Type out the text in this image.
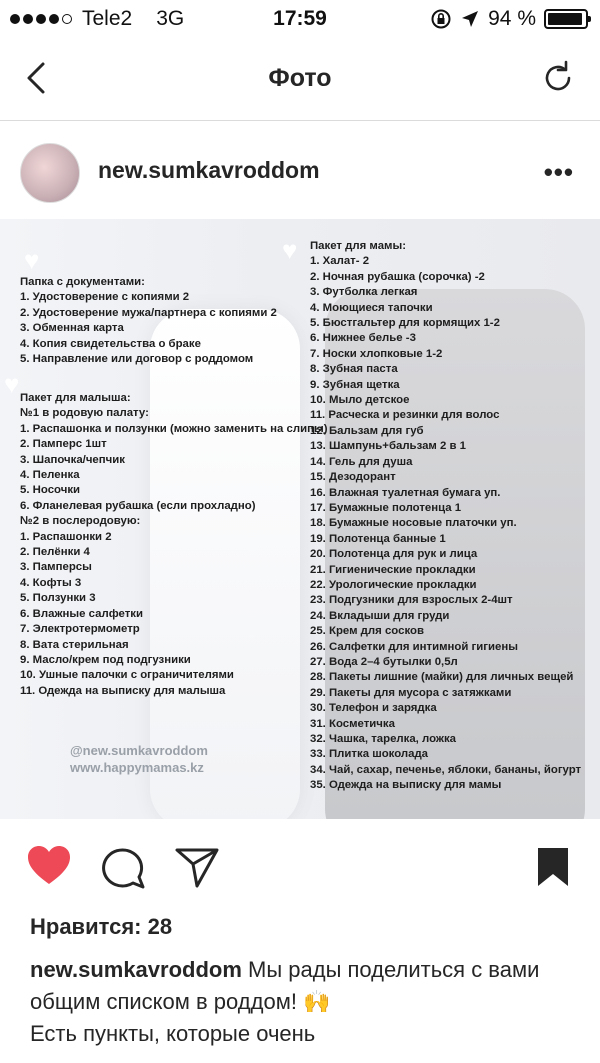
Tele2 3G	17:59	94 %
Фото
new.sumkavroddom	•••
♥
♥
♥
Папка с документами:
1. Удостоверение с копиями 2
2. Удостоверение мужа/партнера с копиями 2
3. Обменная карта
4. Копия свидетельства о браке
5. Направление или договор с роддомом
Пакет для малыша:
№1 в родовую палату:
1. Распашонка и ползунки (можно заменить на слипы)
2. Памперс 1шт
3. Шапочка/чепчик
4. Пеленка
5. Носочки
6. Фланелевая рубашка (если прохладно)
№2 в послеродовую:
1. Распашонки 2
2. Пелёнки 4
3. Памперсы
4. Кофты 3
5. Ползунки 3
6. Влажные салфетки
7. Электротермометр
8. Вата стерильная
9. Масло/крем под подгузники
10. Ушные палочки с ограничителями
11. Одежда на выписку для малыша
Пакет для мамы:
1. Халат- 2
2. Ночная рубашка (сорочка) -2
3. Футболка легкая
4. Моющиеся тапочки
5. Бюстгальтер для кормящих 1-2
6. Нижнее белье -3
7. Носки хлопковые 1-2
8. Зубная паста
9. Зубная щетка
10. Мыло детское
11. Расческа и резинки для волос
12. Бальзам для губ
13. Шампунь+бальзам 2 в 1
14. Гель для душа
15. Дезодорант
16. Влажная туалетная бумага уп.
17. Бумажные полотенца 1
18. Бумажные носовые платочки уп.
19. Полотенца банные 1
20. Полотенца для рук и лица
21. Гигиенические прокладки
22. Урологические прокладки
23. Подгузники для взрослых 2-4шт
24. Вкладыши для груди
25. Крем для сосков
26. Салфетки для интимной гигиены
27. Вода 2–4 бутылки 0,5л
28. Пакеты лишние (майки) для личных вещей
29. Пакеты для мусора с затяжками
30. Телефон и зарядка
31. Косметичка
32. Чашка, тарелка, ложка
33. Плитка шоколада
34. Чай, сахар, печенье, яблоки, бананы, йогурт
35. Одежда на выписку для мамы
@new.sumkavroddom
www.happymamas.kz
Нравится: 28
new.sumkavroddom Мы рады поделиться с вами общим списком в роддом! 🙌
Есть пункты, которые очень
